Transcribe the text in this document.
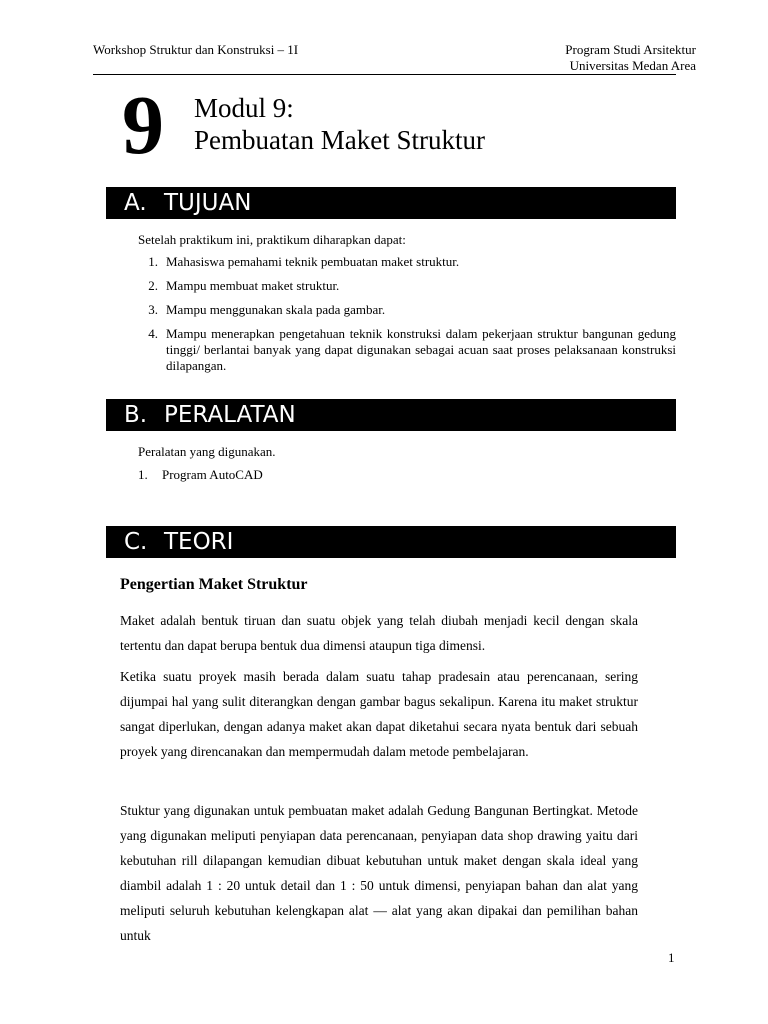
Workshop Struktur dan Konstruksi – 1I	Program Studi Arsitektur
Universitas Medan Area
9 Modul 9:
Pembuatan Maket Struktur
A. TUJUAN
Setelah praktikum ini, praktikum diharapkan dapat:
1. Mahasiswa pemahami teknik pembuatan maket struktur.
2. Mampu membuat maket struktur.
3. Mampu menggunakan skala pada gambar.
4. Mampu menerapkan pengetahuan teknik konstruksi dalam pekerjaan struktur bangunan gedung tinggi/ berlantai banyak yang dapat digunakan sebagai acuan saat proses pelaksanaan konstruksi dilapangan.
B. PERALATAN
Peralatan yang digunakan.
1. Program AutoCAD
C. TEORI
Pengertian Maket Struktur
Maket adalah bentuk tiruan dan suatu objek yang telah diubah menjadi kecil dengan skala tertentu dan dapat berupa bentuk dua dimensi ataupun tiga dimensi.
Ketika suatu proyek masih berada dalam suatu tahap pradesain atau perencanaan, sering dijumpai hal yang sulit diterangkan dengan gambar bagus sekalipun. Karena itu maket struktur sangat diperlukan, dengan adanya maket akan dapat diketahui secara nyata bentuk dari sebuah proyek yang direncanakan dan mempermudah dalam metode pembelajaran.
Stuktur yang digunakan untuk pembuatan maket adalah Gedung Bangunan Bertingkat. Metode yang digunakan meliputi penyiapan data perencanaan, penyiapan data shop drawing yaitu dari kebutuhan rill dilapangan kemudian dibuat kebutuhan untuk maket dengan skala ideal yang diambil adalah 1 : 20 untuk detail dan 1 : 50 untuk dimensi, penyiapan bahan dan alat yang meliputi seluruh kebutuhan kelengkapan alat — alat yang akan dipakai dan pemilihan bahan untuk
1
